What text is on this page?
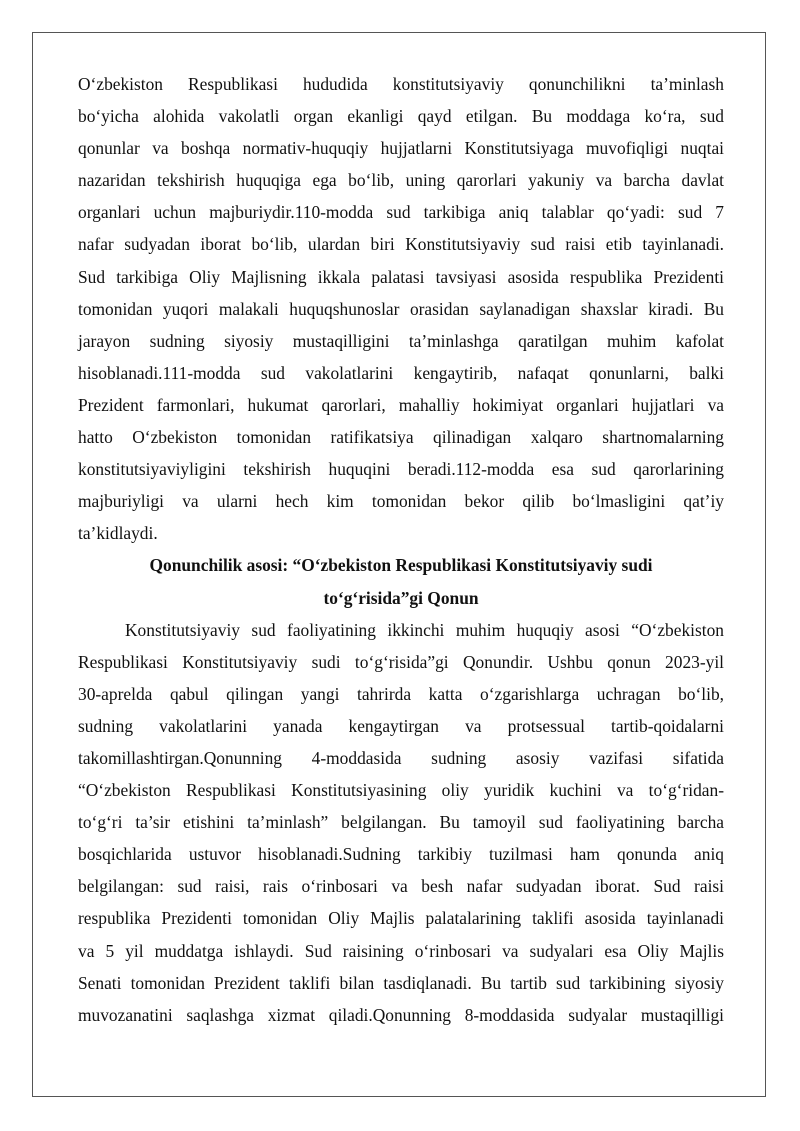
O‘zbekiston Respublikasi hududida konstitutsiyaviy qonunchilikni ta’minlash

bo‘yicha alohida vakolatli organ ekanligi qayd etilgan. Bu moddaga ko‘ra, sud

qonunlar va boshqa normativ-huquqiy hujjatlarni Konstitutsiyaga muvofiqligi nuqtai

nazaridan tekshirish huquqiga ega bo‘lib, uning qarorlari yakuniy va barcha davlat

organlari uchun majburiydir.110-modda sud tarkibiga aniq talablar qo‘yadi: sud 7

nafar sudyadan iborat bo‘lib, ulardan biri Konstitutsiyaviy sud raisi etib tayinlanadi.

Sud tarkibiga Oliy Majlisning ikkala palatasi tavsiyasi asosida respublika Prezidenti

tomonidan yuqori malakali huquqshunoslar orasidan saylanadigan shaxslar kiradi. Bu

jarayon sudning siyosiy mustaqilligini ta’minlashga qaratilgan muhim kafolat

hisoblanadi.111-modda sud vakolatlarini kengaytirib, nafaqat qonunlarni, balki

Prezident farmonlari, hukumat qarorlari, mahalliy hokimiyat organlari hujjatlari va

hatto O‘zbekiston tomonidan ratifikatsiya qilinadigan xalqaro shartnomalarning

konstitutsiyaviyligini tekshirish huquqini beradi.112-modda esa sud qarorlarining

majburiyligi va ularni hech kim tomonidan bekor qilib bo‘lmasligini qat’iy

ta’kidlaydi.

Qonunchilik asosi: “O‘zbekiston Respublikasi Konstitutsiyaviy sudi

to‘g‘risida”gi Qonun

Konstitutsiyaviy sud faoliyatining ikkinchi muhim huquqiy asosi “O‘zbekiston

Respublikasi Konstitutsiyaviy sudi to‘g‘risida”gi Qonundir. Ushbu qonun 2023-yil

30-aprelda qabul qilingan yangi tahrirda katta o‘zgarishlarga uchragan bo‘lib,

sudning vakolatlarini yanada kengaytirgan va protsessual tartib-qoidalarni

takomillashtirgan.Qonunning 4-moddasida sudning asosiy vazifasi sifatida

“O‘zbekiston Respublikasi Konstitutsiyasining oliy yuridik kuchini va to‘g‘ridan-

to‘g‘ri ta’sir etishini ta’minlash” belgilangan. Bu tamoyil sud faoliyatining barcha

bosqichlarida ustuvor hisoblanadi.Sudning tarkibiy tuzilmasi ham qonunda aniq

belgilangan: sud raisi, rais o‘rinbosari va besh nafar sudyadan iborat. Sud raisi

respublika Prezidenti tomonidan Oliy Majlis palatalarining taklifi asosida tayinlanadi

va 5 yil muddatga ishlaydi. Sud raisining o‘rinbosari va sudyalari esa Oliy Majlis

Senati tomonidan Prezident taklifi bilan tasdiqlanadi. Bu tartib sud tarkibining siyosiy

muvozanatini saqlashga xizmat qiladi.Qonunning 8-moddasida sudyalar mustaqilligi
